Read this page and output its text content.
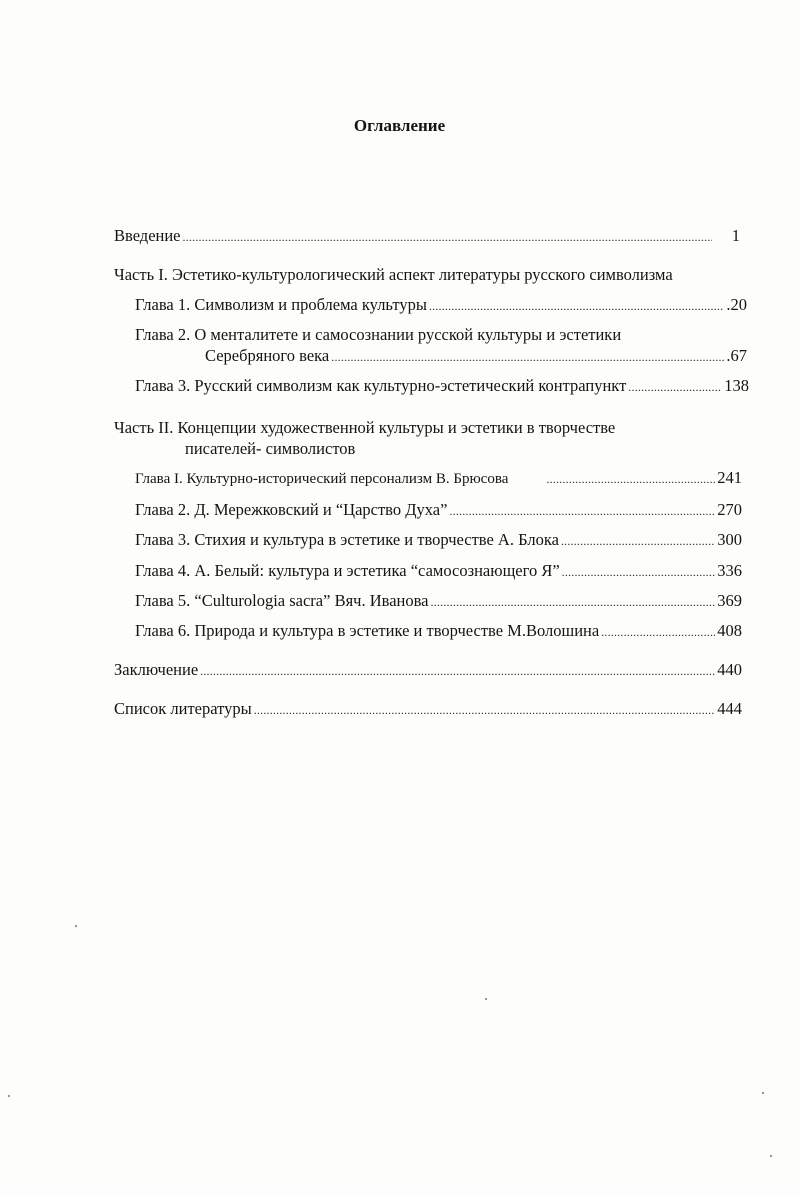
Оглавление
Введение .....	1
Часть I. Эстетико-культурологический аспект литературы русского символизма
Глава 1. Символизм и проблема культуры .....	.20
Глава 2. О менталитете и самосознании русской культуры и эстетики
Серебряного века .....	.67
Глава 3. Русский символизм как культурно-эстетический контрапункт .....	138
Часть II. Концепции художественной культуры и эстетики в творчестве
писателей- символистов
Глава I. Культурно-исторический персонализм В. Брюсова .....	241
Глава 2. Д. Мережковский и “Царство Духа” .....	270
Глава 3. Стихия и культура в эстетике и творчестве А. Блока .....	300
Глава 4. А. Белый: культура и эстетика “самосознающего Я” .....	336
Глава 5. “Culturologia sacra” Вяч. Иванова .....	369
Глава 6. Природа и культура в эстетике и творчестве М.Волошина .....	408
Заключение .....	440
Список литературы .....	444
